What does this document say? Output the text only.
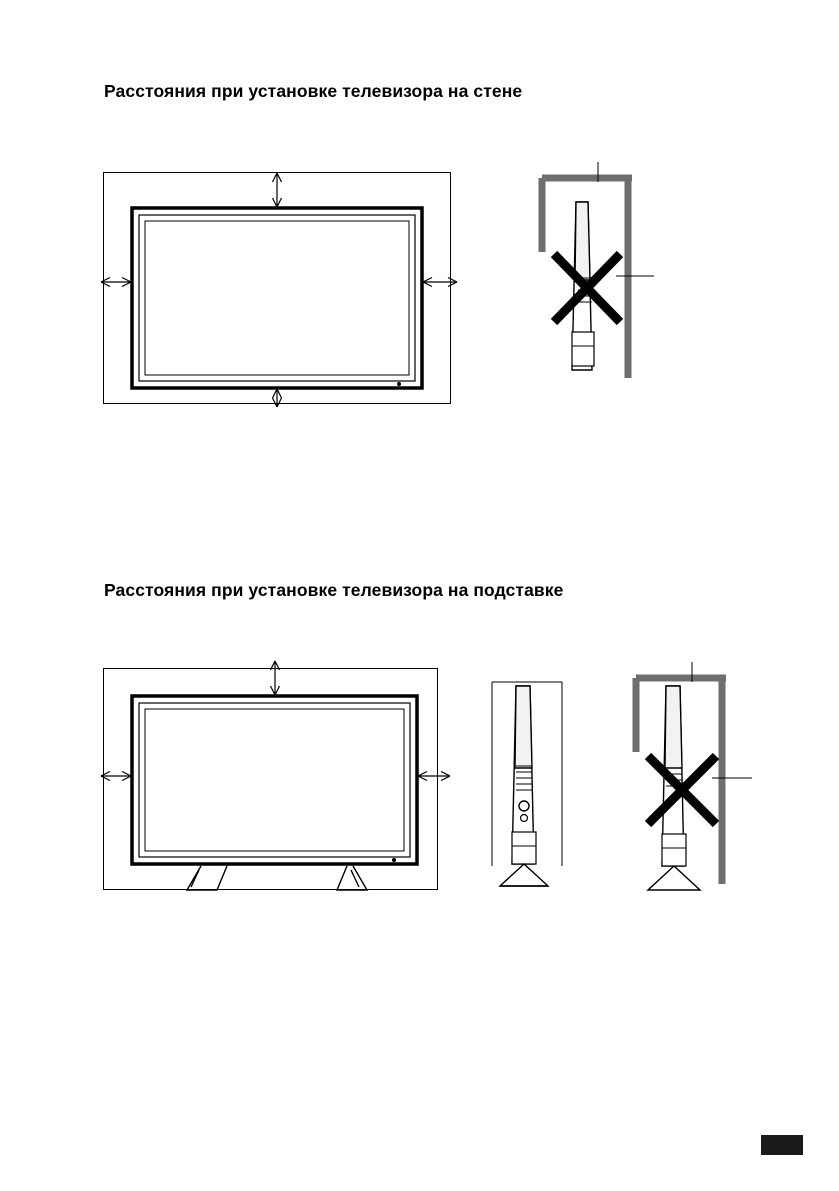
Расстояния при установке телевизора на стене
Расстояния при установке телевизора на подставке
